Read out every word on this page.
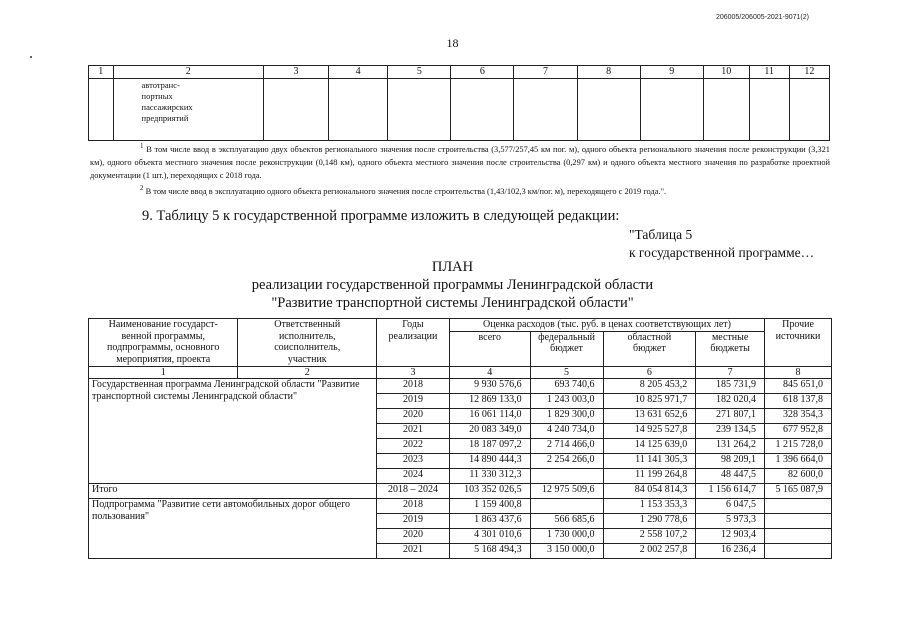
206005/206005-2021-9071(2)
18
1	2	3	4	5	6	7	8	9	10	11	12
	автотранс-
портных
пассажирских
предприятий										

$^1$ В том числе ввод в эксплуатацию двух объектов регионального значения после строительства (3,577/257,45 км пог. м), одного объекта регионального значения после реконструкции (3,321 км), одного объекта местного значения после реконструкции (0,148 км), одного объекта местного значения после строительства (0,297 км) и одного объекта местного значения по разработке проектной документации (1 шт.), переходящих с 2018 года.

$^2$ В том числе ввод в эксплуатацию одного объекта регионального значения после строительства (1,43/102,3 км/пог. м), переходящего с 2019 года.".

9. Таблицу 5 к государственной программе изложить в следующей редакции:
"Таблица 5
к государственной программе…
ПЛАН
реализации государственной программы Ленинградской области
"Развитие транспортной системы Ленинградской области"
Наименование государст-
венной программы,
подпрограммы, основного
мероприятия, проекта	Ответственный
исполнитель,
соисполнитель,
участник	Годы
реализации	Оценка расходов (тыс. руб. в ценах соответствующих лет)				Прочие
источники
			всего	федеральный
бюджет	областной
бюджет	местные
бюджеты	
1	2	3	4	5	6	7	8
Государственная программа Ленинградской области "Развитие транспортной системы Ленинградской области"		2018	9 930 576,6	693 740,6	8 205 453,2	185 731,9	845 651,0
		2019	12 869 133,0	1 243 003,0	10 825 971,7	182 020,4	618 137,8
		2020	16 061 114,0	1 829 300,0	13 631 652,6	271 807,1	328 354,3
		2021	20 083 349,0	4 240 734,0	14 925 527,8	239 134,5	677 952,8
		2022	18 187 097,2	2 714 466,0	14 125 639,0	131 264,2	1 215 728,0
		2023	14 890 444,3	2 254 266,0	11 141 305,3	98 209,1	1 396 664,0
		2024	11 330 312,3		11 199 264,8	48 447,5	82 600,0
Итого		2018 – 2024	103 352 026,5	12 975 509,6	84 054 814,3	1 156 614,7	5 165 087,9
Подпрограмма "Развитие сети автомобильных дорог общего пользования"		2018	1 159 400,8		1 153 353,3	6 047,5	
		2019	1 863 437,6	566 685,6	1 290 778,6	5 973,3	
		2020	4 301 010,6	1 730 000,0	2 558 107,2	12 903,4	
		2021	5 168 494,3	3 150 000,0	2 002 257,8	16 236,4	
